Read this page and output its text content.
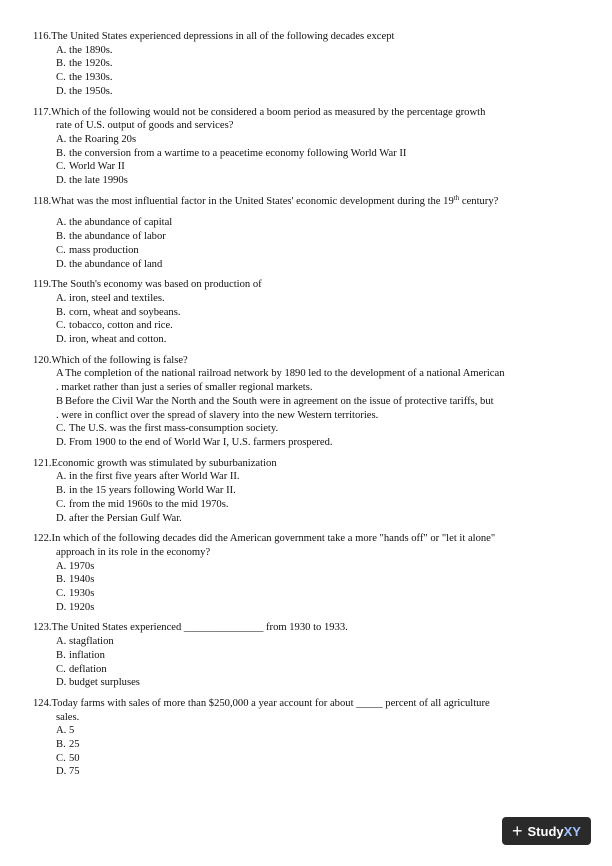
116. The United States experienced depressions in all of the following decades except
A. the 1890s.
B. the 1920s.
C. the 1930s.
D. the 1950s.
117. Which of the following would not be considered a boom period as measured by the percentage growth
rate of U.S. output of goods and services?
A. the Roaring 20s
B. the conversion from a wartime to a peacetime economy following World War II
C. World War II
D. the late 1990s
118. What was the most influential factor in the United States' economic development during the 19th century?
A. the abundance of capital
B. the abundance of labor
C. mass production
D. the abundance of land
119. The South's economy was based on production of
A. iron, steel and textiles.
B. corn, wheat and soybeans.
C. tobacco, cotton and rice.
D. iron, wheat and cotton.
120. Which of the following is false?
A The completion of the national railroad network by 1890 led to the development of a national American
. market rather than just a series of smaller regional markets.
B Before the Civil War the North and the South were in agreement on the issue of protective tariffs, but
. were in conflict over the spread of slavery into the new Western territories.
C. The U.S. was the first mass-consumption society.
D. From 1900 to the end of World War I, U.S. farmers prospered.
121. Economic growth was stimulated by suburbanization
A. in the first five years after World War II.
B. in the 15 years following World War II.
C. from the mid 1960s to the mid 1970s.
D. after the Persian Gulf War.
122. In which of the following decades did the American government take a more "hands off" or "let it alone"
approach in its role in the economy?
A. 1970s
B. 1940s
C. 1930s
D. 1920s
123. The United States experienced _______________ from 1930 to 1933.
A. stagflation
B. inflation
C. deflation
D. budget surpluses
124. Today farms with sales of more than $250,000 a year account for about _____ percent of all agriculture
sales.
A. 5
B. 25
C. 50
D. 75
+ Study XY
